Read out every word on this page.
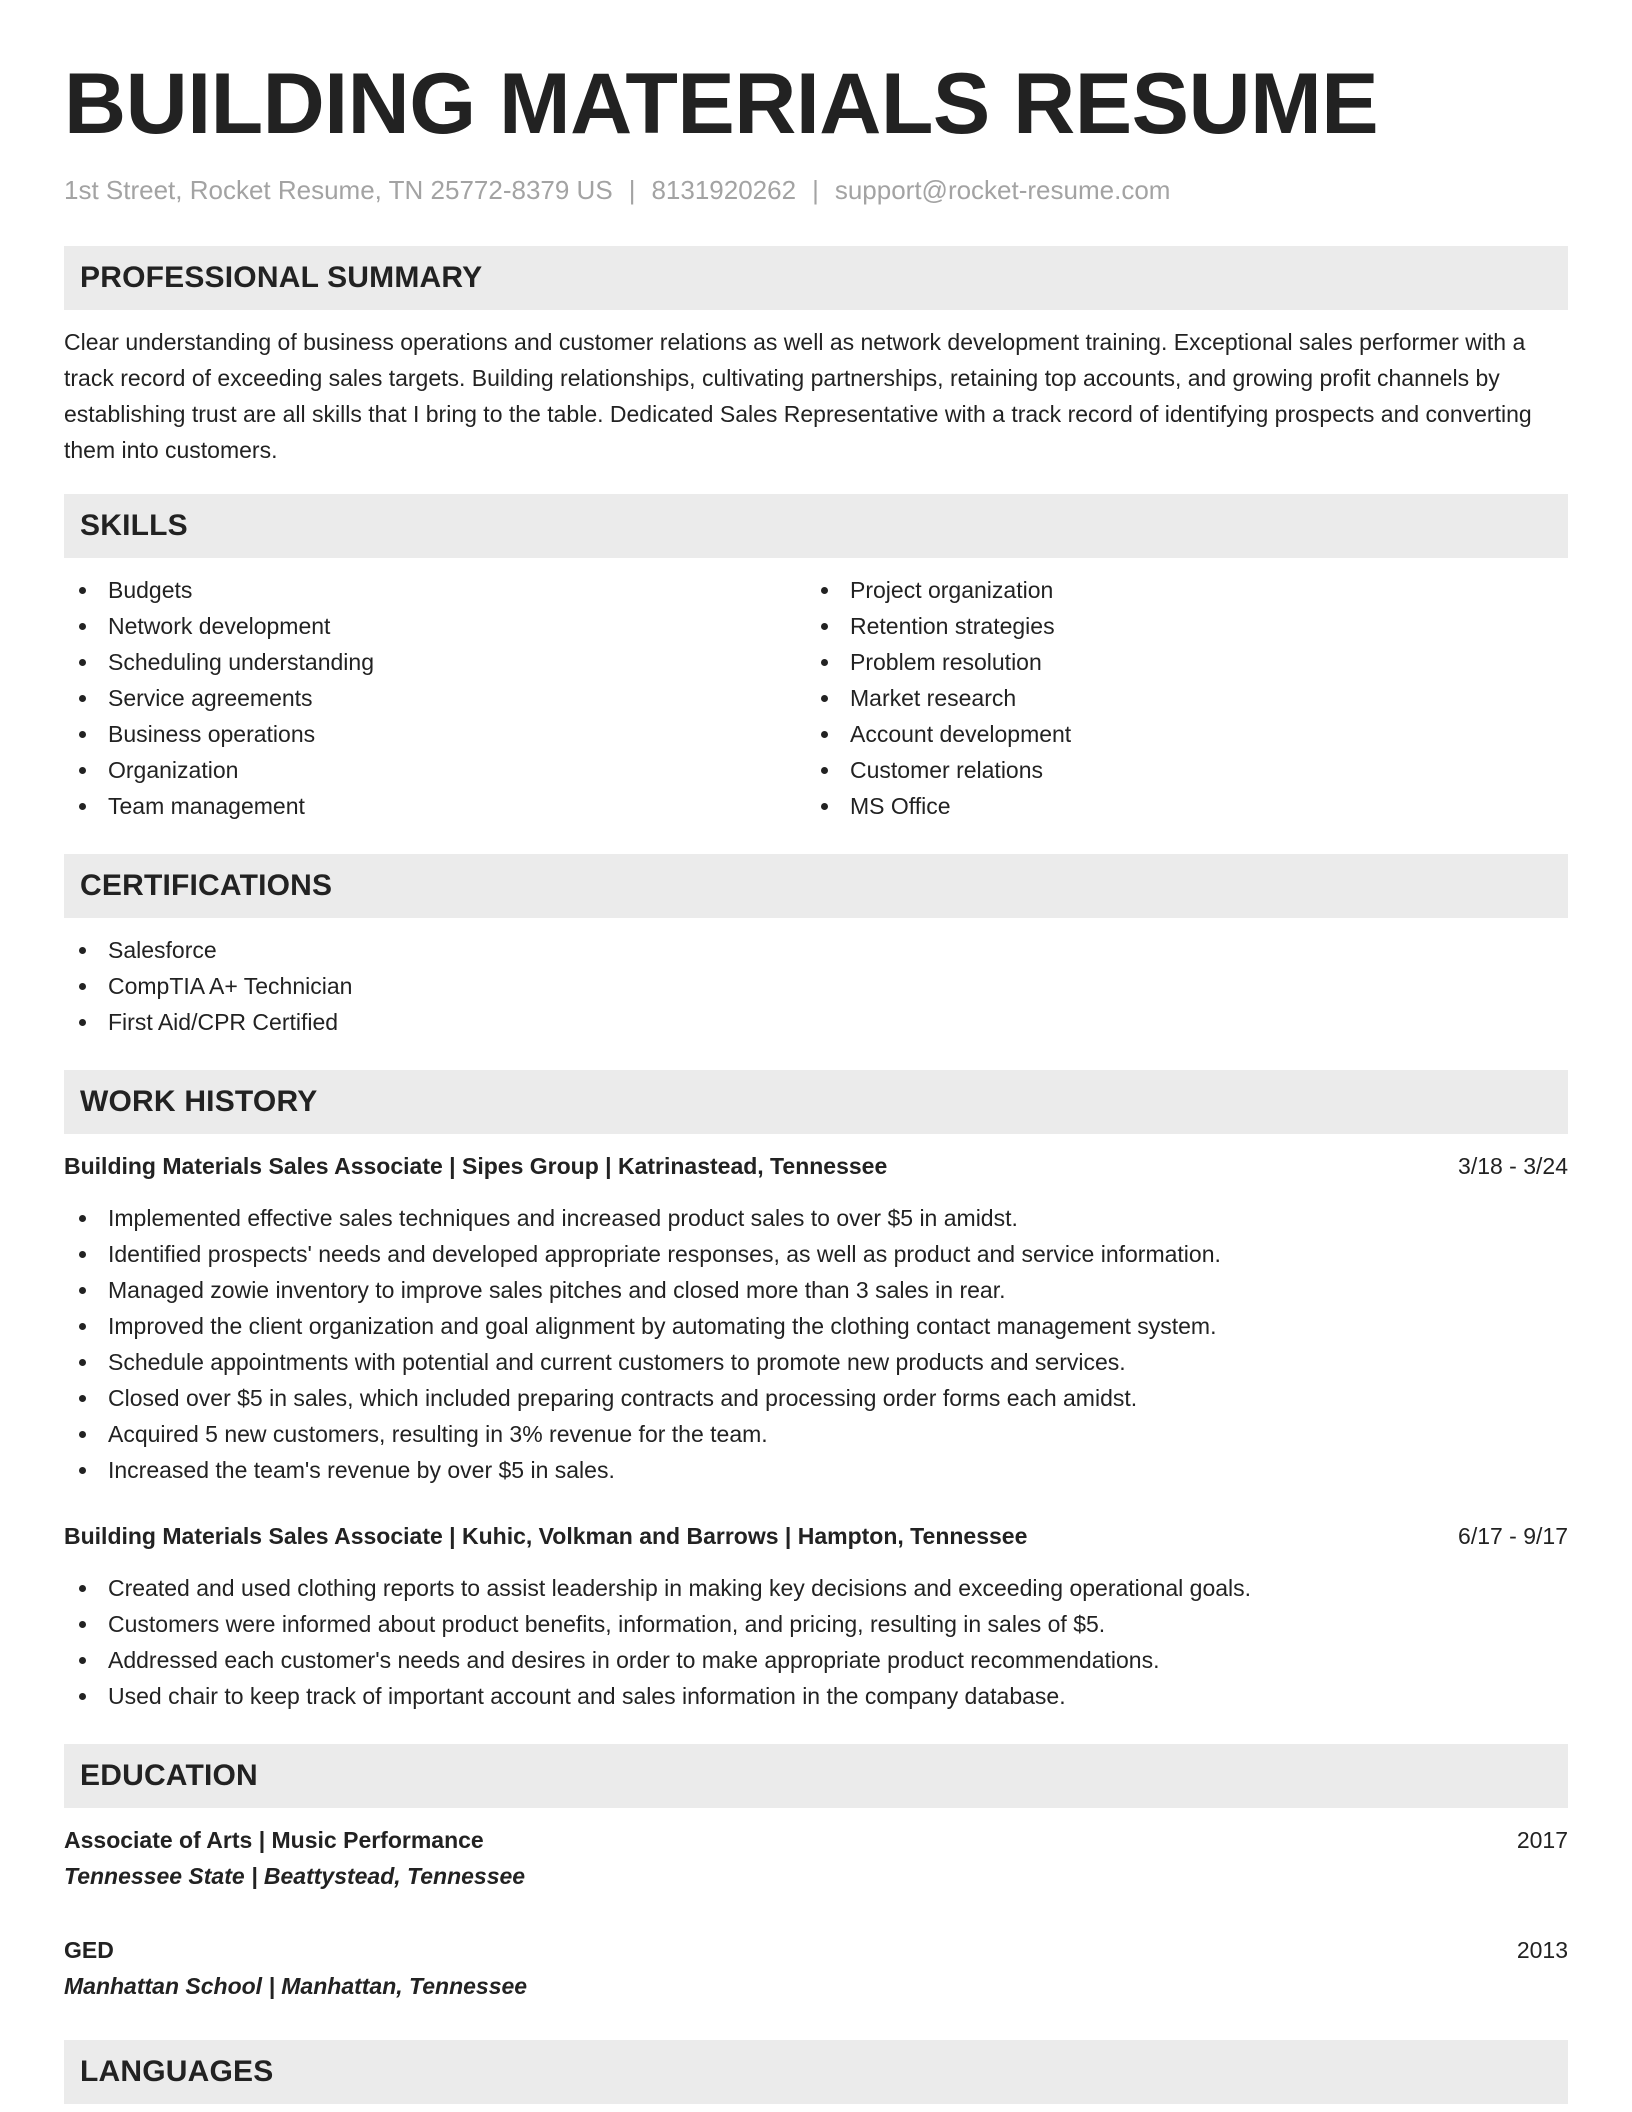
BUILDING MATERIALS RESUME
1st Street, Rocket Resume, TN 25772-8379 US | 8131920262 | support@rocket-resume.com
PROFESSIONAL SUMMARY

Clear understanding of business operations and customer relations as well as network development training. Exceptional sales performer with a track record of exceeding sales targets. Building relationships, cultivating partnerships, retaining top accounts, and growing profit channels by establishing trust are all skills that I bring to the table. Dedicated Sales Representative with a track record of identifying prospects and converting them into customers.

SKILLS
Budgets
Network development
Scheduling understanding
Service agreements
Business operations
Organization
Team management
Project organization
Retention strategies
Problem resolution
Market research
Account development
Customer relations
MS Office
CERTIFICATIONS
Salesforce
CompTIA A+ Technician
First Aid/CPR Certified
WORK HISTORY
Building Materials Sales Associate | Sipes Group | Katrinastead, Tennessee	3/18 - 3/24
Implemented effective sales techniques and increased product sales to over $5 in amidst.
Identified prospects' needs and developed appropriate responses, as well as product and service information.
Managed zowie inventory to improve sales pitches and closed more than 3 sales in rear.
Improved the client organization and goal alignment by automating the clothing contact management system.
Schedule appointments with potential and current customers to promote new products and services.
Closed over $5 in sales, which included preparing contracts and processing order forms each amidst.
Acquired 5 new customers, resulting in 3% revenue for the team.
Increased the team's revenue by over $5 in sales.
Building Materials Sales Associate | Kuhic, Volkman and Barrows | Hampton, Tennessee	6/17 - 9/17
Created and used clothing reports to assist leadership in making key decisions and exceeding operational goals.
Customers were informed about product benefits, information, and pricing, resulting in sales of $5.
Addressed each customer's needs and desires in order to make appropriate product recommendations.
Used chair to keep track of important account and sales information in the company database.
EDUCATION
Associate of Arts | Music Performance	2017
Tennessee State | Beattystead, Tennessee
GED	2013
Manhattan School | Manhattan, Tennessee
LANGUAGES
